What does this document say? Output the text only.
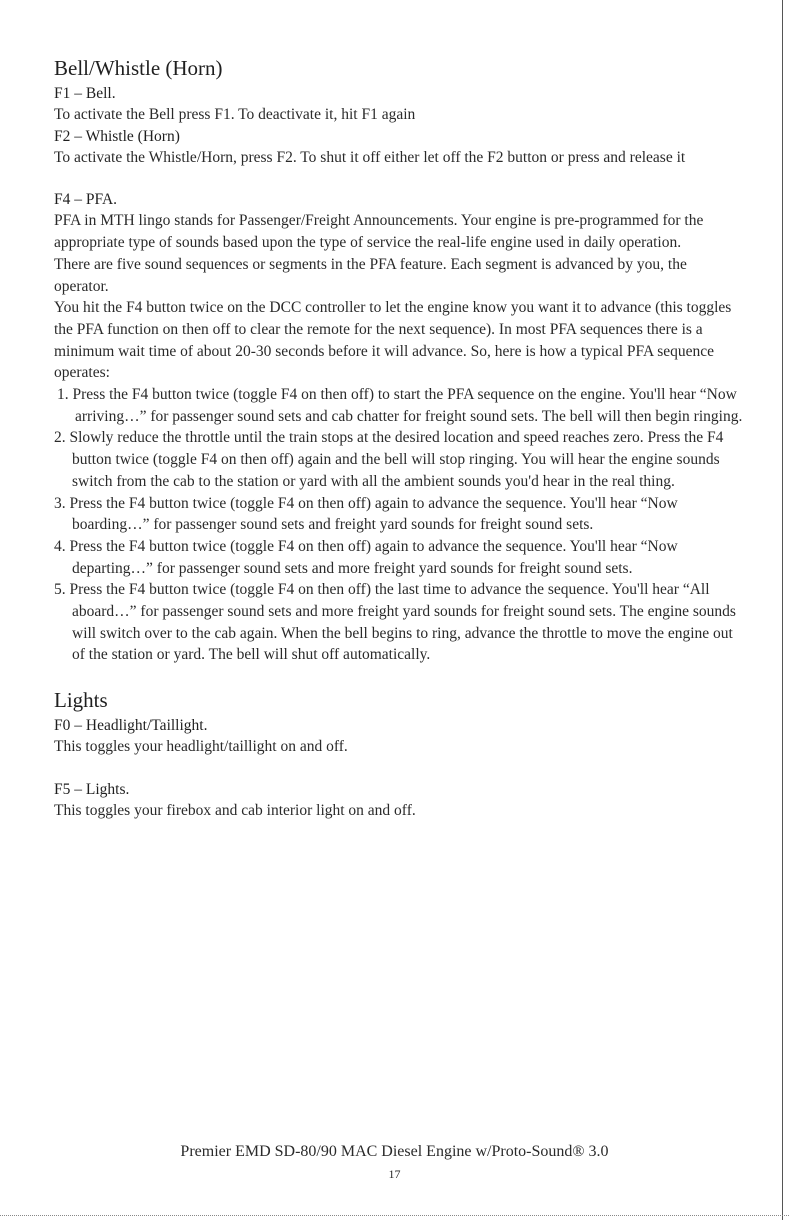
Bell/Whistle (Horn)
F1 – Bell.

To activate the Bell press F1. To deactivate it, hit F1 again

F2 – Whistle (Horn)

To activate the Whistle/Horn, press F2. To shut it off either let off the F2 button or press and release it

F4 – PFA.

PFA in MTH lingo stands for Passenger/Freight Announcements. Your engine is pre-programmed for the appropriate type of sounds based upon the type of service the real-life engine used in daily operation.

There are five sound sequences or segments in the PFA feature. Each segment is advanced by you, the operator.

You hit the F4 button twice on the DCC controller to let the engine know you want it to advance (this toggles the PFA function on then off to clear the remote for the next sequence). In most PFA sequences there is a minimum wait time of about 20-30 seconds before it will advance. So, here is how a typical PFA sequence operates:

1. Press the F4 button twice (toggle F4 on then off) to start the PFA sequence on the engine. You'll hear “Now arriving…” for passenger sound sets and cab chatter for freight sound sets. The bell will then begin ringing.
2. Slowly reduce the throttle until the train stops at the desired location and speed reaches zero. Press the F4 button twice (toggle F4 on then off) again and the bell will stop ringing. You will hear the engine sounds switch from the cab to the station or yard with all the ambient sounds you'd hear in the real thing.
3. Press the F4 button twice (toggle F4 on then off) again to advance the sequence. You'll hear “Now boarding…” for passenger sound sets and freight yard sounds for freight sound sets.
4. Press the F4 button twice (toggle F4 on then off) again to advance the sequence. You'll hear “Now departing…” for passenger sound sets and more freight yard sounds for freight sound sets.
5. Press the F4 button twice (toggle F4 on then off) the last time to advance the sequence. You'll hear “All aboard…” for passenger sound sets and more freight yard sounds for freight sound sets. The engine sounds will switch over to the cab again. When the bell begins to ring, advance the throttle to move the engine out of the station or yard. The bell will shut off automatically.
Lights
F0 – Headlight/Taillight.

This toggles your headlight/taillight on and off.

F5 – Lights.

This toggles your firebox and cab interior light on and off.

Premier EMD SD-80/90 MAC Diesel Engine w/Proto-Sound® 3.0
17
